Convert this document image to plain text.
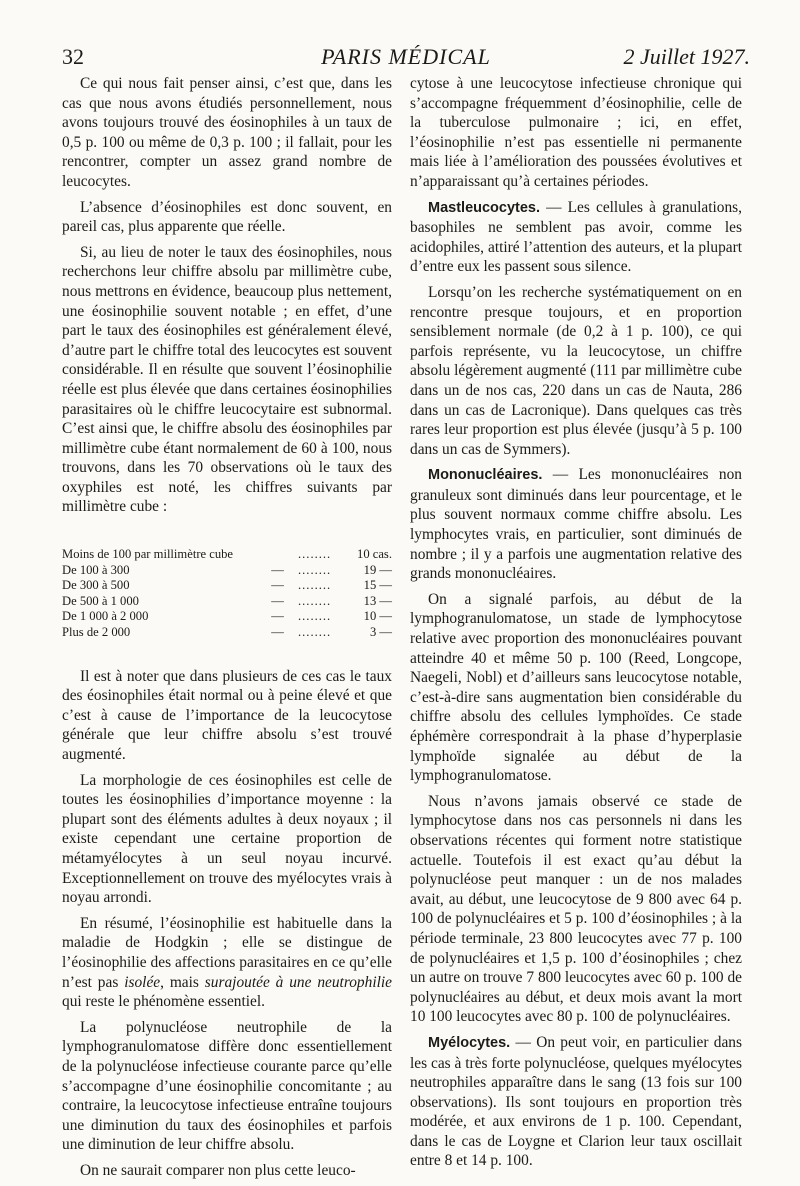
32	PARIS MÉDICAL	2 Juillet 1927.

Ce qui nous fait penser ainsi, c’est que, dans les cas que nous avons étudiés personnellement, nous avons toujours trouvé des éosinophiles à un taux de 0,5 p. 100 ou même de 0,3 p. 100 ; il fallait, pour les rencontrer, compter un assez grand nombre de leucocytes.

L’absence d’éosinophiles est donc souvent, en pareil cas, plus apparente que réelle.

Si, au lieu de noter le taux des éosinophiles, nous recherchons leur chiffre absolu par millimètre cube, nous mettrons en évidence, beaucoup plus nettement, une éosinophilie souvent notable ; en effet, d’une part le taux des éosinophiles est généralement élevé, d’autre part le chiffre total des leucocytes est souvent considérable. Il en résulte que souvent l’éosinophilie réelle est plus élevée que dans certaines éosinophilies parasitaires où le chiffre leucocytaire est subnormal. C’est ainsi que, le chiffre absolu des éosinophiles par millimètre cube étant normalement de 60 à 100, nous trouvons, dans les 70 observations où le taux des oxyphiles est noté, les chiffres suivants par millimètre cube :

Moins de 100 par millimètre cube		........	10 cas.
De 100 à 300	—	........	19 —
De 300 à 500	—	........	15 —
De 500 à 1 000	—	........	13 —
De 1 000 à 2 000	—	........	10 —
Plus de 2 000	—	........	3 —

Il est à noter que dans plusieurs de ces cas le taux des éosinophiles était normal ou à peine élevé et que c’est à cause de l’importance de la leucocytose générale que leur chiffre absolu s’est trouvé augmenté.

La morphologie de ces éosinophiles est celle de toutes les éosinophilies d’importance moyenne : la plupart sont des éléments adultes à deux noyaux ; il existe cependant une certaine proportion de métamyélocytes à un seul noyau incurvé. Exceptionnellement on trouve des myélocytes vrais à noyau arrondi.

En résumé, l’éosinophilie est habituelle dans la maladie de Hodgkin ; elle se distingue de l’éosinophilie des affections parasitaires en ce qu’elle n’est pas isolée, mais surajoutée à une neutrophilie qui reste le phénomène essentiel.

La polynucléose neutrophile de la lymphogranulomatose diffère donc essentiellement de la polynucléose infectieuse courante parce qu’elle s’accompagne d’une éosinophilie concomitante ; au contraire, la leucocytose infectieuse entraîne toujours une diminution du taux des éosinophiles et parfois une diminution de leur chiffre absolu.

On ne saurait comparer non plus cette leuco-

cytose à une leucocytose infectieuse chronique qui s’accompagne fréquemment d’éosinophilie, celle de la tuberculose pulmonaire ; ici, en effet, l’éosinophilie n’est pas essentielle ni permanente mais liée à l’amélioration des poussées évolutives et n’apparaissant qu’à certaines périodes.

Mastleucocytes. — Les cellules à granulations, basophiles ne semblent pas avoir, comme les acidophiles, attiré l’attention des auteurs, et la plupart d’entre eux les passent sous silence.

Lorsqu’on les recherche systématiquement on en rencontre presque toujours, et en proportion sensiblement normale (de 0,2 à 1 p. 100), ce qui parfois représente, vu la leucocytose, un chiffre absolu légèrement augmenté (111 par millimètre cube dans un de nos cas, 220 dans un cas de Nauta, 286 dans un cas de Lacronique). Dans quelques cas très rares leur proportion est plus élevée (jusqu’à 5 p. 100 dans un cas de Symmers).

Mononucléaires. — Les mononucléaires non granuleux sont diminués dans leur pourcentage, et le plus souvent normaux comme chiffre absolu. Les lymphocytes vrais, en particulier, sont diminués de nombre ; il y a parfois une augmentation relative des grands mononucléaires.

On a signalé parfois, au début de la lymphogranulomatose, un stade de lymphocytose relative avec proportion des mononucléaires pouvant atteindre 40 et même 50 p. 100 (Reed, Longcope, Naegeli, Nobl) et d’ailleurs sans leucocytose notable, c’est-à-dire sans augmentation bien considérable du chiffre absolu des cellules lymphoïdes. Ce stade éphémère correspondrait à la phase d’hyperplasie lymphoïde signalée au début de la lymphogranulomatose.

Nous n’avons jamais observé ce stade de lymphocytose dans nos cas personnels ni dans les observations récentes qui forment notre statistique actuelle. Toutefois il est exact qu’au début la polynucléose peut manquer : un de nos malades avait, au début, une leucocytose de 9 800 avec 64 p. 100 de polynucléaires et 5 p. 100 d’éosinophiles ; à la période terminale, 23 800 leucocytes avec 77 p. 100 de polynucléaires et 1,5 p. 100 d’éosinophiles ; chez un autre on trouve 7 800 leucocytes avec 60 p. 100 de polynucléaires au début, et deux mois avant la mort 10 100 leucocytes avec 80 p. 100 de polynucléaires.

Myélocytes. — On peut voir, en particulier dans les cas à très forte polynucléose, quelques myélocytes neutrophiles apparaître dans le sang (13 fois sur 100 observations). Ils sont toujours en proportion très modérée, et aux environs de 1 p. 100. Cependant, dans le cas de Loygne et Clarion leur taux oscillait entre 8 et 14 p. 100.
